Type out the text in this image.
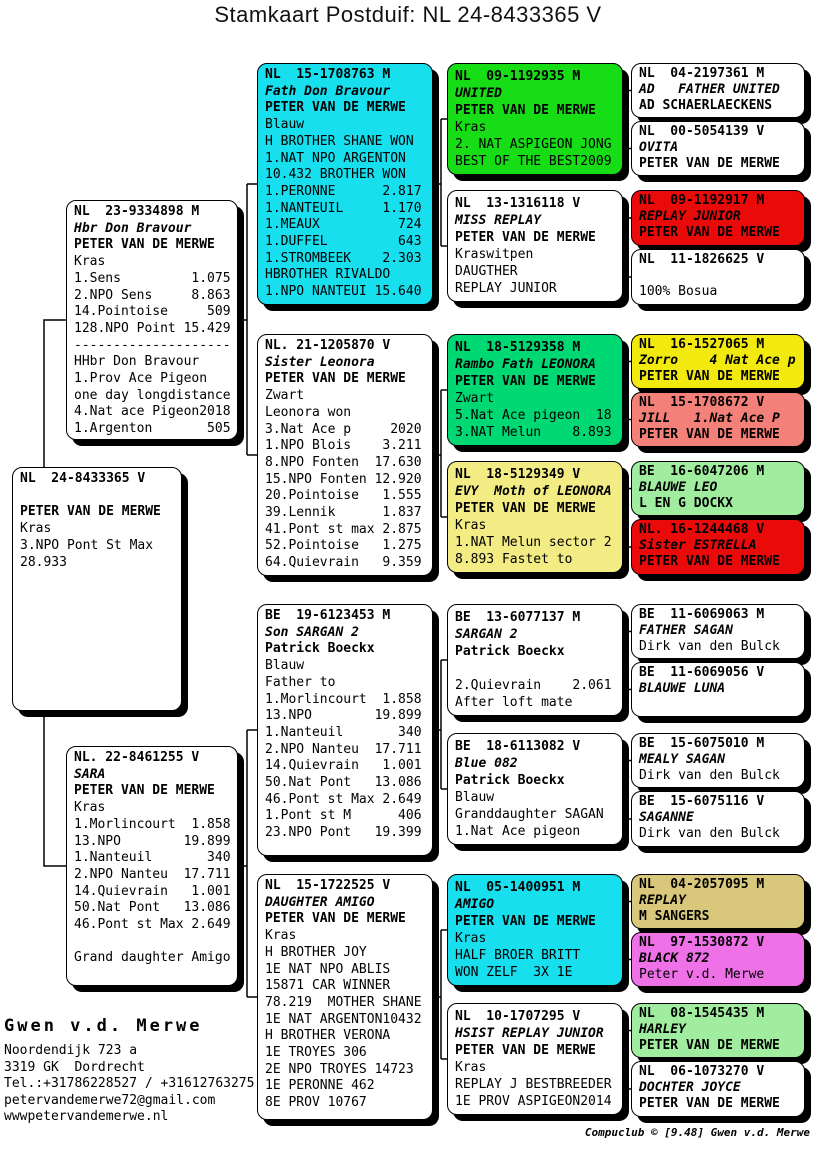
Stamkaart Postduif: NL 24-8433365 V
NL  23-9334898 M
Hbr Don Bravour
PETER VAN DE MERWE
Kras
1.Sens         1.075
2.NPO Sens     8.863
14.Pointoise     509
128.NPO Point 15.429
--------------------
HHbr Don Bravour
1.Prov Ace Pigeon
one day longdistance
4.Nat ace Pigeon2018
1.Argenton       505
NL  24-8433365 V

PETER VAN DE MERWE
Kras
3.NPO Pont St Max
28.933
NL. 22-8461255 V
SARA
PETER VAN DE MERWE
Kras
1.Morlincourt  1.858
13.NPO        19.899
1.Nanteuil       340
2.NPO Nanteu  17.711
14.Quievrain   1.001
50.Nat Pont   13.086
46.Pont st Max 2.649

Grand daughter Amigo
NL  15-1708763 M
Fath Don Bravour
PETER VAN DE MERWE
Blauw
H BROTHER SHANE WON
1.NAT NPO ARGENTON
10.432 BROTHER WON
1.PERONNE      2.817
1.NANTEUIL     1.170
1.MEAUX          724
1.DUFFEL         643
1.STROMBEEK    2.303
HBROTHER RIVALDO
1.NPO NANTEUI 15.640
NL. 21-1205870 V
Sister Leonora
PETER VAN DE MERWE
Zwart
Leonora won
3.Nat Ace p     2020
1.NPO Blois    3.211
8.NPO Fonten  17.630
15.NPO Fonten 12.920
20.Pointoise   1.555
39.Lennik      1.837
41.Pont st max 2.875
52.Pointoise   1.275
64.Quievrain   9.359
BE  19-6123453 M
Son SARGAN 2
Patrick Boeckx
Blauw
Father to
1.Morlincourt  1.858
13.NPO        19.899
1.Nanteuil       340
2.NPO Nanteu  17.711
14.Quievrain   1.001
50.Nat Pont   13.086
46.Pont st Max 2.649
1.Pont st M      406
23.NPO Pont   19.399
NL  15-1722525 V
DAUGHTER AMIGO
PETER VAN DE MERWE
Kras
H BROTHER JOY
1E NAT NPO ABLIS
15871 CAR WINNER
78.219  MOTHER SHANE
1E NAT ARGENTON10432
H BROTHER VERONA
1E TROYES 306
2E NPO TROYES 14723
1E PERONNE 462
8E PROV 10767
NL  09-1192935 M
UNITED
PETER VAN DE MERWE
Kras
2. NAT ASPIGEON JONG
BEST OF THE BEST2009
NL  13-1316118 V
MISS REPLAY
PETER VAN DE MERWE
Kraswitpen
DAUGTHER
REPLAY JUNIOR
NL  18-5129358 M
Rambo Fath LEONORA
PETER VAN DE MERWE
Zwart
5.Nat Ace pigeon  18
3.NAT Melun    8.893
NL  18-5129349 V
EVY  Moth of LEONORA
PETER VAN DE MERWE
Kras
1.NAT Melun sector 2
8.893 Fastet to
BE  13-6077137 M
SARGAN 2
Patrick Boeckx

2.Quievrain    2.061
After loft mate
BE  18-6113082 V
Blue 082
Patrick Boeckx
Blauw
Granddaughter SAGAN
1.Nat Ace pigeon
NL  05-1400951 M
AMIGO
PETER VAN DE MERWE
Kras
HALF BROER BRITT
WON ZELF  3X 1E
NL  10-1707295 V
HSIST REPLAY JUNIOR
PETER VAN DE MERWE
Kras
REPLAY J BESTBREEDER
1E PROV ASPIGEON2014
NL  04-2197361 M
AD   FATHER UNITED
AD SCHAERLAECKENS
NL  00-5054139 V
OVITA
PETER VAN DE MERWE
NL  09-1192917 M
REPLAY JUNIOR
PETER VAN DE MERWE
NL  11-1826625 V

100% Bosua
NL  16-1527065 M
Zorro    4 Nat Ace p
PETER VAN DE MERWE
NL  15-1708672 V
JILL   1.Nat Ace P
PETER VAN DE MERWE
BE  16-6047206 M
BLAUWE LEO
L EN G DOCKX
NL. 16-1244468 V
Sister ESTRELLA
PETER VAN DE MERWE
BE  11-6069063 M
FATHER SAGAN
Dirk van den Bulck
BE  11-6069056 V
BLAUWE LUNA
BE  15-6075010 M
MEALY SAGAN
Dirk van den Bulck
BE  15-6075116 V
SAGANNE
Dirk van den Bulck
NL  04-2057095 M
REPLAY
M SANGERS
NL  97-1530872 V
BLACK 872
Peter v.d. Merwe
NL  08-1545435 M
HARLEY
PETER VAN DE MERWE
NL  06-1073270 V
DOCHTER JOYCE
PETER VAN DE MERWE
Gwen v.d. Merwe
Noordendijk 723 a
3319 GK  Dordrecht
Tel.:+31786228527 / +31612763275
petervandemerwe72@gmail.com
wwwpetervandemerwe.nl
Compuclub © [9.48] Gwen v.d. Merwe
